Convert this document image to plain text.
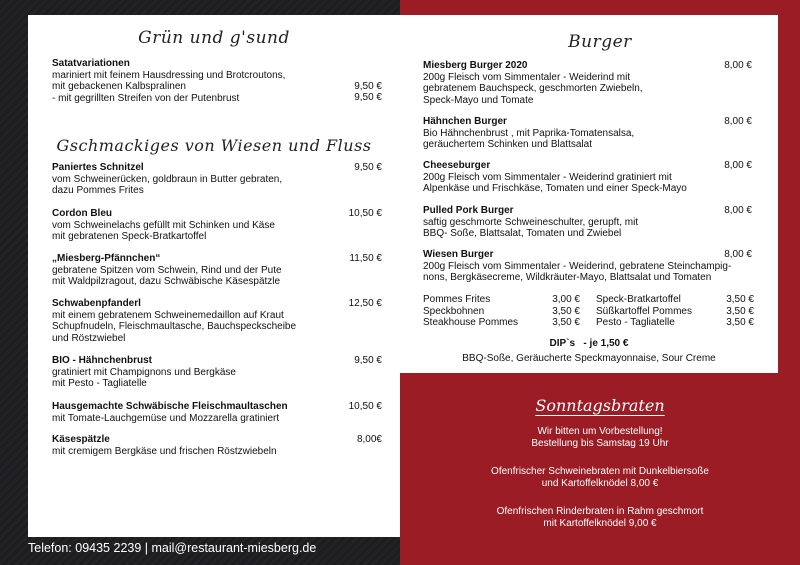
Grün und g'sund
Satatvariationen
mariniert mit feinem Hausdressing und Brotcroutons,
mit gebackenen Kalbspralinen
- mit gegrillten Streifen von der Putenbrust
9,50 €
9,50 €
Gschmackiges von Wiesen und Fluss
Paniertes Schnitzel
vom Schweinerücken, goldbraun in Butter gebraten,
dazu Pommes Frites
9,50 €
Cordon Bleu
vom Schweinelachs gefüllt mit Schinken und Käse
mit gebratenen Speck-Bratkartoffel
10,50 €
„Miesberg-Pfännchen“
gebratene Spitzen vom Schwein, Rind und der Pute
mit Waldpilzragout, dazu Schwäbische Käsespätzle
11,50 €
Schwabenpfanderl
mit einem gebratenem Schweinemedaillon auf Kraut
Schupfnudeln, Fleischmaultasche, Bauchspeckscheibe
und Röstzwiebel
12,50 €
BIO - Hähnchenbrust
gratiniert mit Champignons und Bergkäse
mit Pesto - Tagliatelle
9,50 €
Hausgemachte Schwäbische Fleischmaultaschen
mit Tomate-Lauchgemüse und Mozzarella gratiniert
10,50 €
Käsespätzle
mit cremigem Bergkäse und frischen Röstzwiebeln
8,00€
Burger
Miesberg Burger 2020
200g Fleisch vom Simmentaler - Weiderind mit
gebratenem Bauchspeck, geschmorten Zwiebeln,
Speck-Mayo und Tomate
8,00 €
Hähnchen Burger
Bio Hähnchenbrust , mit Paprika-Tomatensalsa,
geräuchertem Schinken und Blattsalat
8,00 €
Cheeseburger
200g Fleisch vom Simmentaler - Weiderind gratiniert mit
Alpenkäse und Frischkäse, Tomaten und einer Speck-Mayo
8,00 €
Pulled Pork Burger
saftig geschmorte Schweineschulter, gerupft, mit
BBQ- Soße, Blattsalat, Tomaten und Zwiebel
8,00 €
Wiesen Burger
200g Fleisch vom Simmentaler - Weiderind, gebratene Steinchampig-
nons, Bergkäsecreme, Wildkräuter-Mayo, Blattsalat und Tomaten
8,00 €
Pommes Frites
Speckbohnen
Steakhouse Pommes
3,00 €
3,50 €
3,50 €
Speck-Bratkartoffel
Süßkartoffel Pommes
Pesto - Tagliatelle
3,50 €
3,50 €
3,50 €
DIP`s   - je 1,50 €
BBQ-Soße, Geräucherte Speckmayonnaise, Sour Creme
Sonntagsbraten
Wir bitten um Vorbestellung!
Bestellung bis Samstag 19 Uhr
Ofenfrischer Schweinebraten mit Dunkelbiersoße
und Kartoffelknödel 8,00 €
Ofenfrischen Rinderbraten in Rahm geschmort
mit Kartoffelknödel 9,00 €
Telefon: 09435 2239 | mail@restaurant-miesberg.de
